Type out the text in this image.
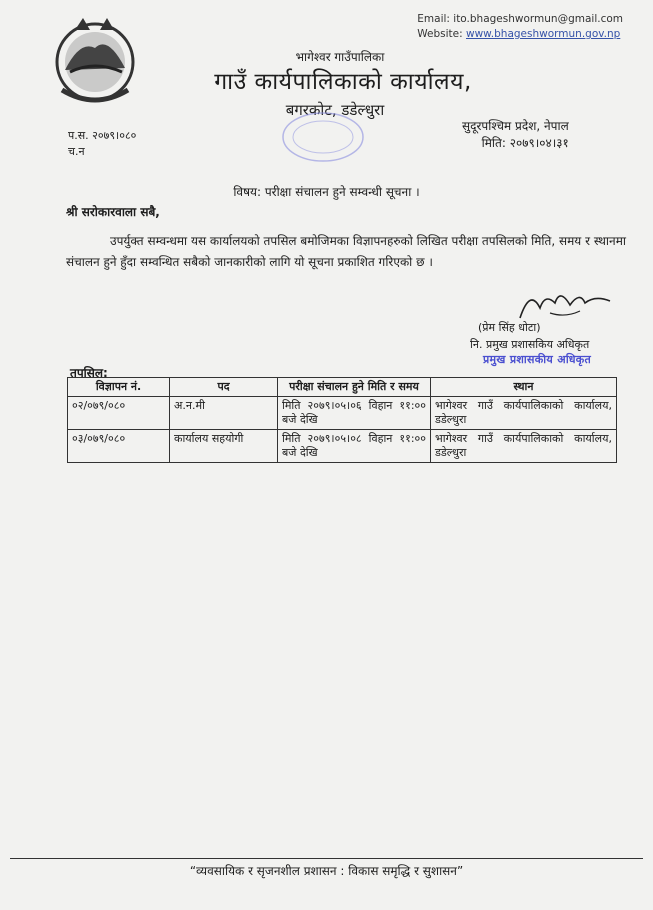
Email: ito.bhageshwormun@gmail.com
Website: www.bhageshwormun.gov.np
भागेश्वर गाउँपालिका
गाउँ कार्यपालिकाको कार्यालय,
बगरकोट, डडेल्धुरा
प.स. २०७९।०८०
च.न
सुदूरपश्चिम प्रदेश, नेपाल
मिति: २०७९।०४।३१
विषय: परीक्षा संचालन हुने सम्वन्धी सूचना ।
श्री सरोकारवाला सबै,
उपर्युक्त सम्वन्धमा यस कार्यालयको तपसिल बमोजिमका विज्ञापनहरुको लिखित परीक्षा तपसिलको मिति, समय र स्थानमा संचालन हुने हुँदा सम्वन्धित सबैको जानकारीको लागि यो सूचना प्रकाशित गरिएको छ ।
(प्रेम सिंह धोटा)
नि. प्रमुख प्रशासकिय अधिकृत
प्रमुख प्रशासकीय अधिकृत
तपसिल:
विज्ञापन नं.	पद	परीक्षा संचालन हुने मिति र समय	स्थान
०२/०७९/०८०	अ.न.मी	मिति २०७९।०५।०६ विहान ११:०० बजे देखि	भागेश्वर गाउँ कार्यपालिकाको कार्यालय, डडेल्धुरा
०३/०७९/०८०	कार्यालय सहयोगी	मिति २०७९।०५।०८ विहान ११:०० बजे देखि	भागेश्वर गाउँ कार्यपालिकाको कार्यालय, डडेल्धुरा
“व्यवसायिक र सृजनशील प्रशासन : विकास समृद्धि र सुशासन”
